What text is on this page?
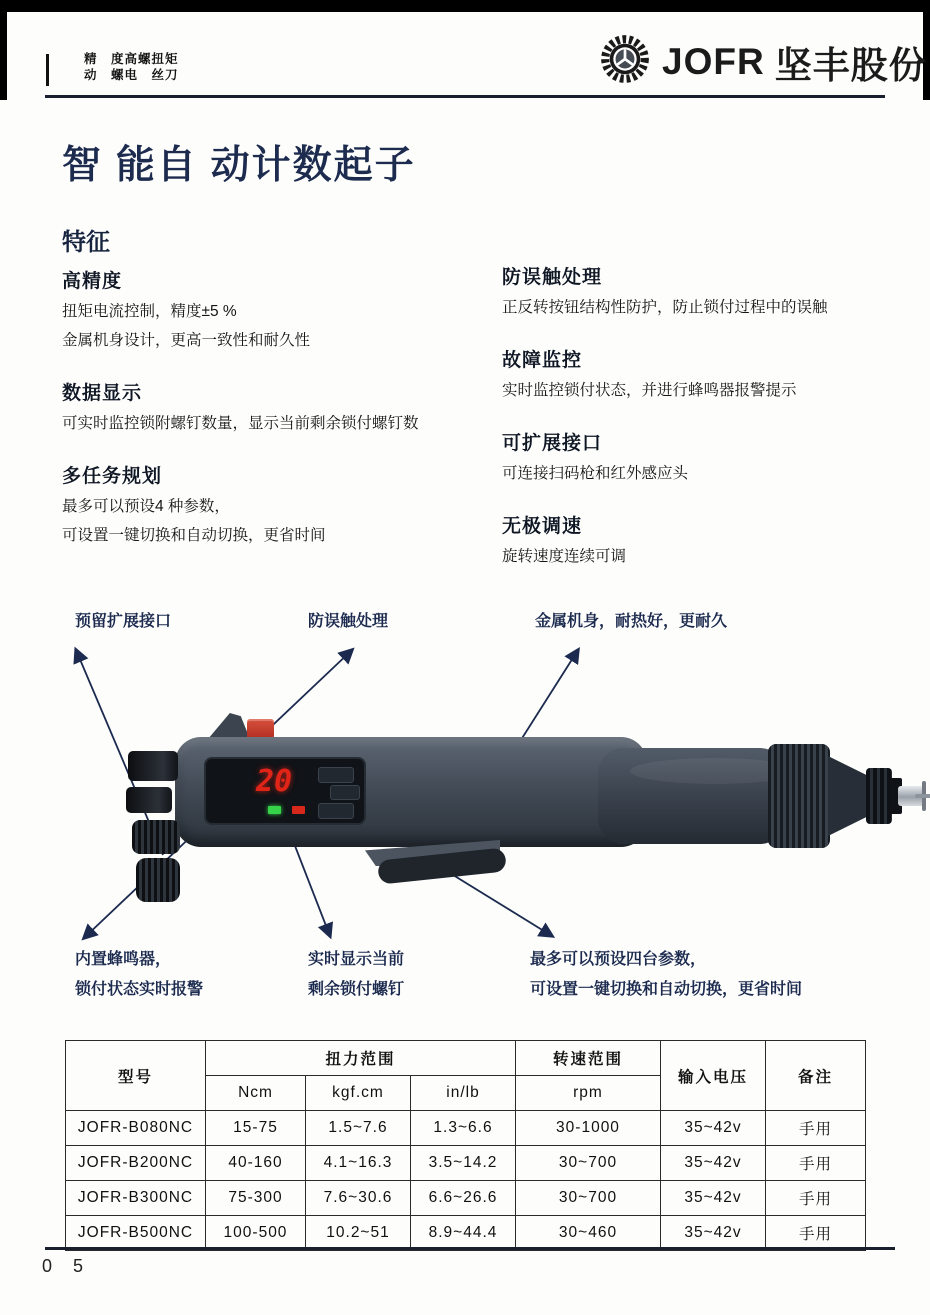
精　度高螺扭矩
动　螺电　丝刀	JOFR 坚丰股份
智 能自 动计数起子
特征
高精度

扭矩电流控制，精度±5 %

金属机身设计，更高一致性和耐久性

数据显示

可实时监控锁附螺钉数量，显示当前剩余锁付螺钉数

多任务规划

最多可以预设4 种参数，

可设置一键切换和自动切换，更省时间

防误触处理

正反转按钮结构性防护，防止锁付过程中的误触

故障监控

实时监控锁付状态，并进行蜂鸣器报警提示

可扩展接口

可连接扫码枪和红外感应头

无极调速

旋转速度连续可调

预留扩展接口	防误触处理	金属机身，耐热好，更耐久
内置蜂鸣器，
锁付状态实时报警
实时显示当前
剩余锁付螺钉
最多可以预设四台参数，
可设置一键切换和自动切换，更省时间
20
型号	扭力范围			转速范围	输入电压	备注
	Ncm	kgf.cm	in/lb	rpm		
JOFR-B080NC	15-75	1.5~7.6	1.3~6.6	30-1000	35~42v	手用
JOFR-B200NC	40-160	4.1~16.3	3.5~14.2	30~700	35~42v	手用
JOFR-B300NC	75-300	7.6~30.6	6.6~26.6	30~700	35~42v	手用
JOFR-B500NC	100-500	10.2~51	8.9~44.4	30~460	35~42v	手用
0 5
